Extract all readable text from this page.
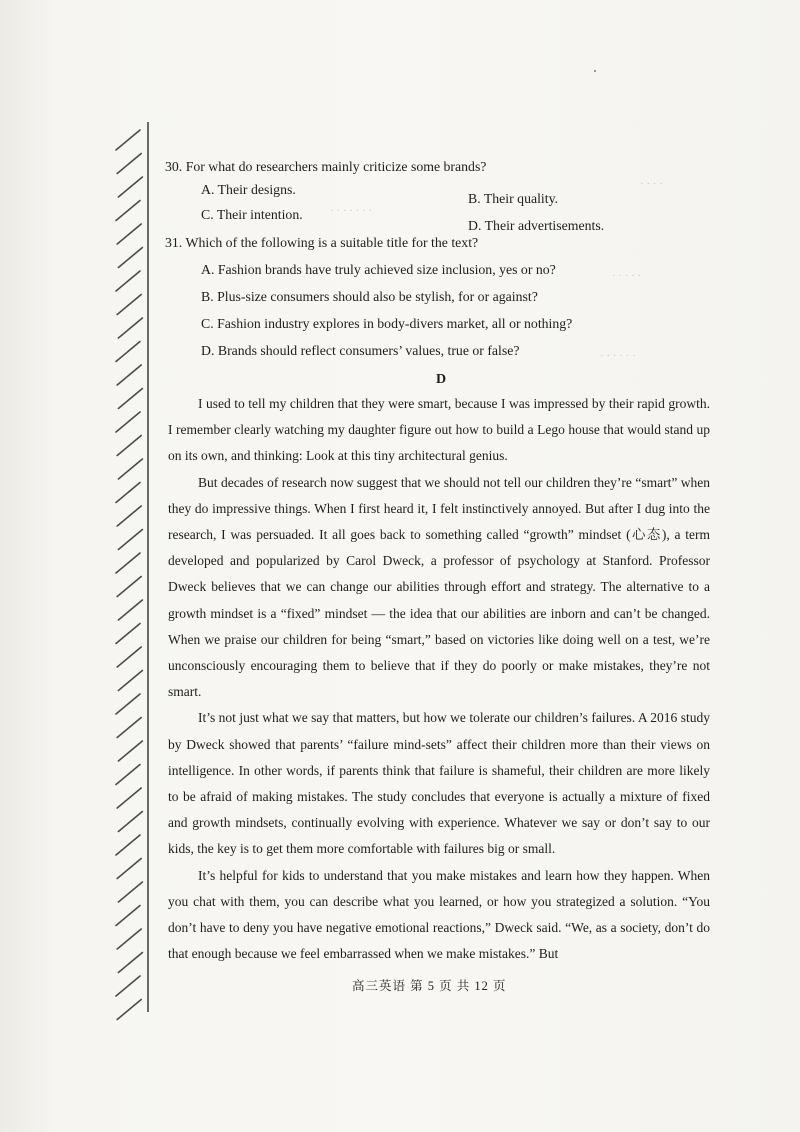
· · · ·
· · · · · · ·
· · · · ·
· · · · · ·
30. For what do researchers mainly criticize some brands?
A. Their designs.
B. Their quality.
C. Their intention.
D. Their advertisements.
31. Which of the following is a suitable title for the text?
A. Fashion brands have truly achieved size inclusion, yes or no?
B. Plus-size consumers should also be stylish, for or against?
C. Fashion industry explores in body-divers market, all or nothing?
D. Brands should reflect consumers’ values, true or false?
D

I used to tell my children that they were smart, because I was impressed by their rapid growth. I remember clearly watching my daughter figure out how to build a Lego house that would stand up on its own, and thinking: Look at this tiny architectural genius.

But decades of research now suggest that we should not tell our children they’re “smart” when they do impressive things. When I first heard it, I felt instinctively annoyed. But after I dug into the research, I was persuaded. It all goes back to something called “growth” mindset (心态), a term developed and popularized by Carol Dweck, a professor of psychology at Stanford. Professor Dweck believes that we can change our abilities through effort and strategy. The alternative to a growth mindset is a “fixed” mindset — the idea that our abilities are inborn and can’t be changed. When we praise our children for being “smart,” based on victories like doing well on a test, we’re unconsciously encouraging them to believe that if they do poorly or make mistakes, they’re not smart.

It’s not just what we say that matters, but how we tolerate our children’s failures. A 2016 study by Dweck showed that parents’ “failure mind-sets” affect their children more than their views on intelligence. In other words, if parents think that failure is shameful, their children are more likely to be afraid of making mistakes. The study concludes that everyone is actually a mixture of fixed and growth mindsets, continually evolving with experience. Whatever we say or don’t say to our kids, the key is to get them more comfortable with failures big or small.

It’s helpful for kids to understand that you make mistakes and learn how they happen. When you chat with them, you can describe what you learned, or how you strategized a solution. “You don’t have to deny you have negative emotional reactions,” Dweck said. “We, as a society, don’t do that enough because we feel embarrassed when we make mistakes.” But

高三英语 第 5 页 共 12 页
